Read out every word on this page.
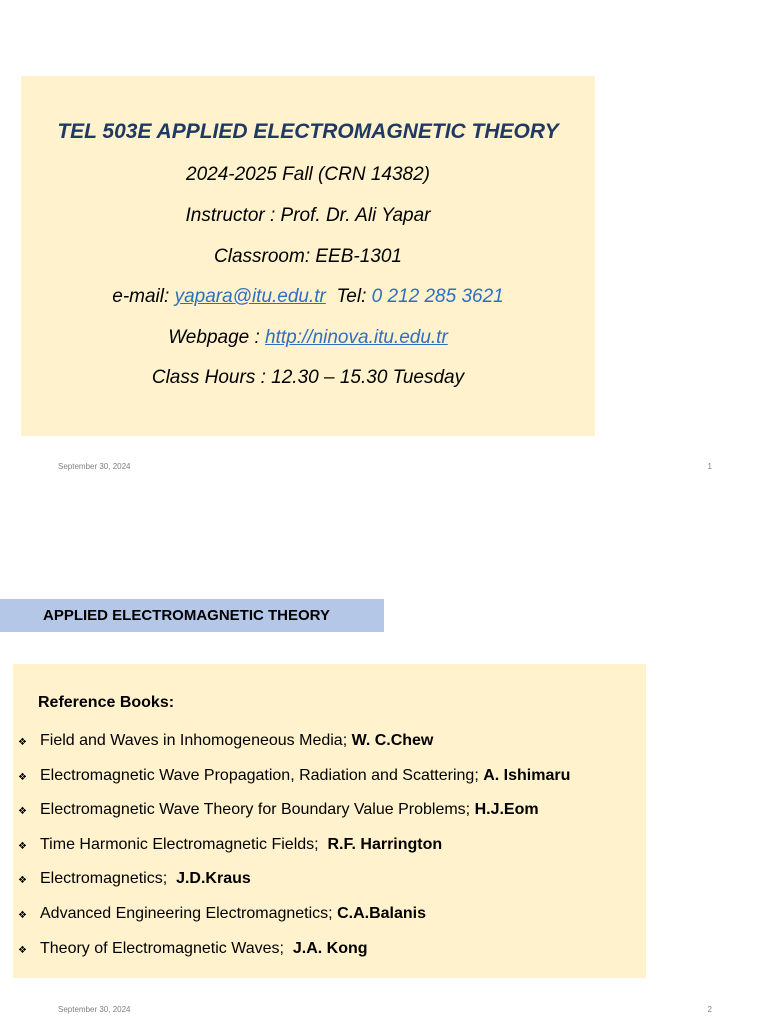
TEL 503E APPLIED ELECTROMAGNETIC THEORY
2024-2025 Fall (CRN 14382)
Instructor : Prof. Dr. Ali Yapar
Classroom: EEB-1301
e-mail: yapara@itu.edu.tr  Tel: 0 212 285 3621
Webpage : http://ninova.itu.edu.tr
Class Hours : 12.30 – 15.30 Tuesday
September 30, 2024	1
APPLIED ELECTROMAGNETIC THEORY
Reference Books:
❖ Field and Waves in Inhomogeneous Media; W. C.Chew
❖ Electromagnetic Wave Propagation, Radiation and Scattering; A. Ishimaru
❖ Electromagnetic Wave Theory for Boundary Value Problems; H.J.Eom
❖ Time Harmonic Electromagnetic Fields;  R.F. Harrington
❖ Electromagnetics;  J.D.Kraus
❖ Advanced Engineering Electromagnetics; C.A.Balanis
❖ Theory of Electromagnetic Waves;  J.A. Kong
September 30, 2024	2
